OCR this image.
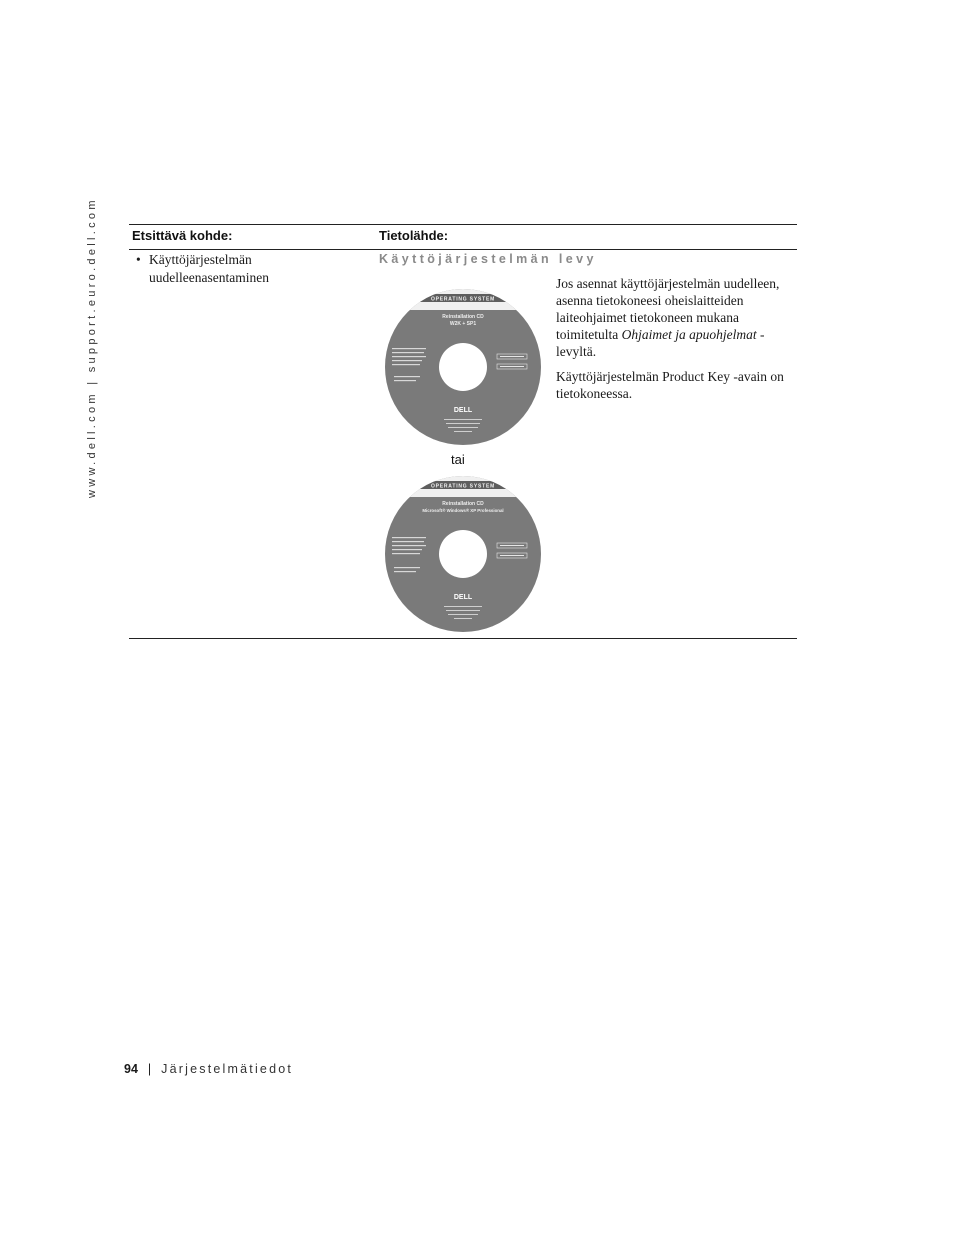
www.dell.com | support.euro.dell.com	Etsittävä kohde:	Tietolähde:
• Käyttöjärjestelmän uudelleenasentaminen
Käyttöjärjestelmän levy

Jos asennat käyttöjärjestelmän uudelleen, asenna tietokoneesi oheislaitteiden laiteohjaimet tietokoneen mukana toimitetulta Ohjaimet ja apuohjelmat -levyltä.

Käyttöjärjestelmän Product Key -avain on tietokoneessa.

OPERATING SYSTEM
Reinstallation CD
W2K + SP1
DELL
tai
OPERATING SYSTEM
Reinstallation CD
Microsoft® Windows® XP Professional
DELL
94 | Järjestelmätiedot
